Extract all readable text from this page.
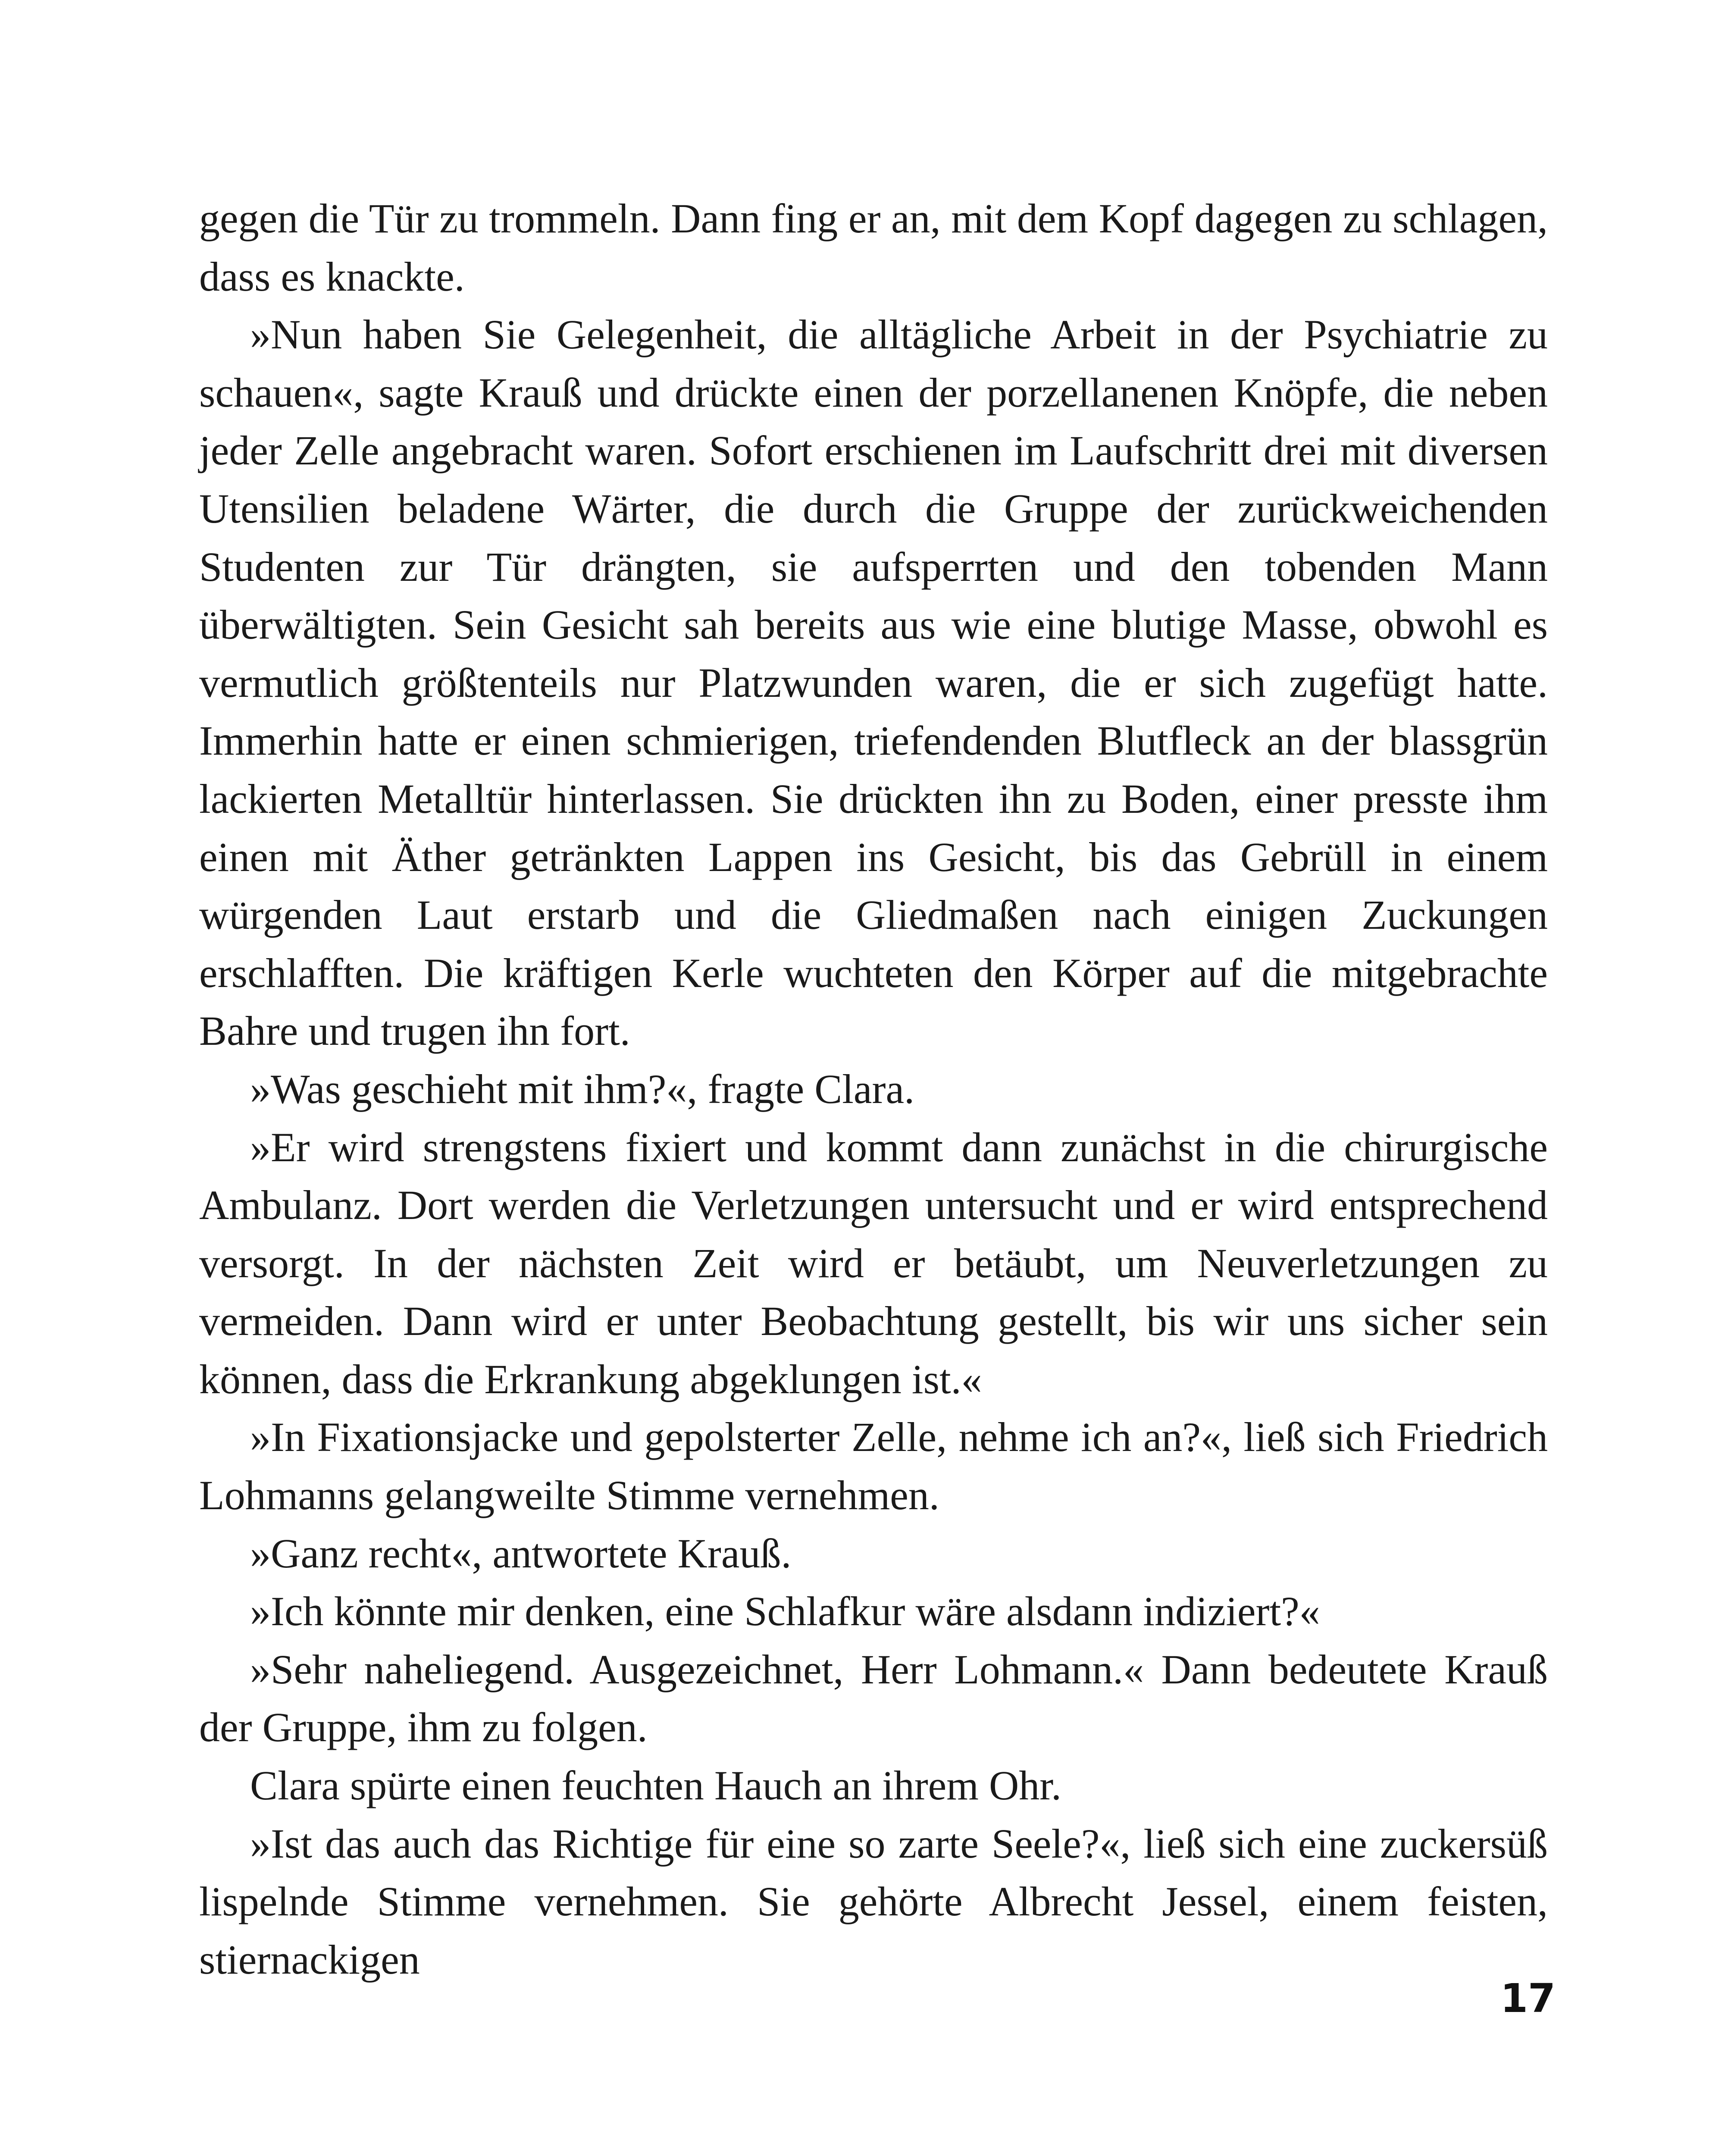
gegen die Tür zu trommeln. Dann fing er an, mit dem Kopf dagegen zu schlagen, dass es knackte.

»Nun haben Sie Gelegenheit, die alltägliche Arbeit in der Psychiatrie zu schauen«, sagte Krauß und drückte einen der porzellanenen Knöpfe, die neben jeder Zelle angebracht waren. Sofort erschienen im Laufschritt drei mit diversen Utensilien beladene Wärter, die durch die Gruppe der zurückweichenden Studenten zur Tür drängten, sie aufsperrten und den tobenden Mann überwältigten. Sein Gesicht sah bereits aus wie eine blutige Masse, obwohl es vermutlich größtenteils nur Platzwunden waren, die er sich zugefügt hatte. Immerhin hatte er einen schmierigen, triefendenden Blutfleck an der blassgrün lackierten Metalltür hinterlassen. Sie drückten ihn zu Boden, einer presste ihm einen mit Äther getränkten Lappen ins Gesicht, bis das Gebrüll in einem würgenden Laut erstarb und die Gliedmaßen nach einigen Zuckungen erschlafften. Die kräftigen Kerle wuchteten den Körper auf die mitgebrachte Bahre und trugen ihn fort.

»Was geschieht mit ihm?«, fragte Clara.

»Er wird strengstens fixiert und kommt dann zunächst in die chirurgische Ambulanz. Dort werden die Verletzungen untersucht und er wird entsprechend versorgt. In der nächsten Zeit wird er betäubt, um Neuverletzungen zu vermeiden. Dann wird er unter Beobachtung gestellt, bis wir uns sicher sein können, dass die Erkrankung abgeklungen ist.«

»In Fixationsjacke und gepolsterter Zelle, nehme ich an?«, ließ sich Friedrich Lohmanns gelangweilte Stimme vernehmen.

»Ganz recht«, antwortete Krauß.

»Ich könnte mir denken, eine Schlafkur wäre alsdann indiziert?«

»Sehr naheliegend. Ausgezeichnet, Herr Lohmann.« Dann bedeutete Krauß der Gruppe, ihm zu folgen.

Clara spürte einen feuchten Hauch an ihrem Ohr.

»Ist das auch das Richtige für eine so zarte Seele?«, ließ sich eine zuckersüß lispelnde Stimme vernehmen. Sie gehörte Albrecht Jessel, einem feisten, stiernackigen

17
